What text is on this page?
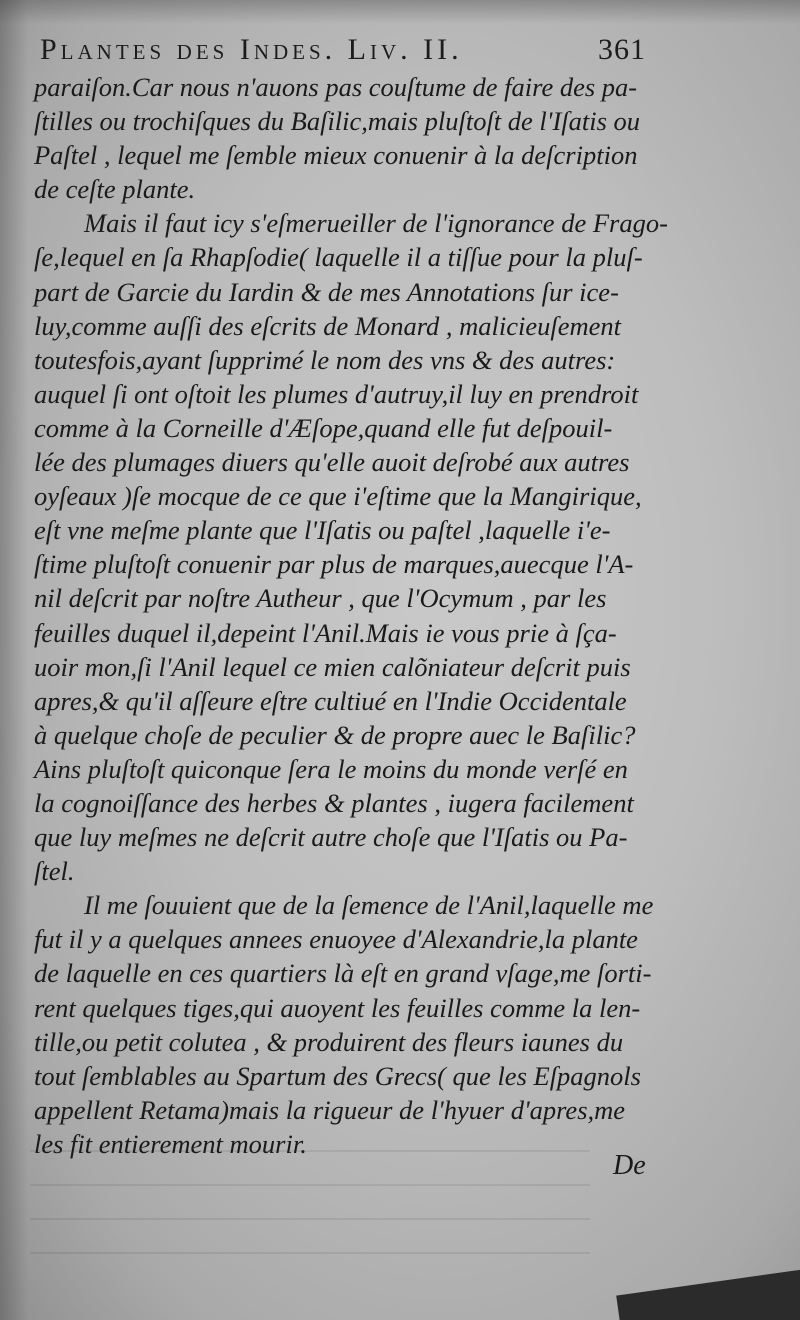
Plantes des Indes. Liv. II.	361
paraiſon.Car nous n'auons pas couſtume de faire des pa-
ſtilles ou trochiſques du Baſilic,mais pluſtoſt de l'Iſatis ou
Paſtel , lequel me ſemble mieux conuenir à la deſcription
de ceſte plante.
Mais il faut icy s'eſmerueiller de l'ignorance de Frago-
ſe,lequel en ſa Rhapſodie( laquelle il a tiſſue pour la pluſ-
part de Garcie du Iardin & de mes Annotations ſur ice-
luy,comme auſſi des eſcrits de Monard , malicieuſement
toutesfois,ayant ſupprimé le nom des vns & des autres:
auquel ſi ont oſtoit les plumes d'autruy,il luy en prendroit
comme à la Corneille d'Æſope,quand elle fut deſpouil-
lée des plumages diuers qu'elle auoit deſrobé aux autres
oyſeaux )ſe mocque de ce que i'eſtime que la Mangirique,
eſt vne meſme plante que l'Iſatis ou paſtel ,laquelle i'e-
ſtime pluſtoſt conuenir par plus de marques,auecque l'A-
nil deſcrit par noſtre Autheur , que l'Ocymum , par les
feuilles duquel il,depeint l'Anil.Mais ie vous prie à ſça-
uoir mon,ſi l'Anil lequel ce mien calõniateur deſcrit puis
apres,& qu'il aſſeure eſtre cultiué en l'Indie Occidentale
à quelque choſe de peculier & de propre auec le Baſilic?
Ains pluſtoſt quiconque ſera le moins du monde verſé en
la cognoiſſance des herbes & plantes , iugera facilement
que luy meſmes ne deſcrit autre choſe que l'Iſatis ou Pa-
ſtel.
Il me ſouuient que de la ſemence de l'Anil,laquelle me
fut il y a quelques annees enuoyee d'Alexandrie,la plante
de laquelle en ces quartiers là eſt en grand vſage,me ſorti-
rent quelques tiges,qui auoyent les feuilles comme la len-
tille,ou petit colutea , & produirent des fleurs iaunes du
tout ſemblables au Spartum des Grecs( que les Eſpagnols
appellent Retama)mais la rigueur de l'hyuer d'apres,me
les fit entierement mourir.
De
